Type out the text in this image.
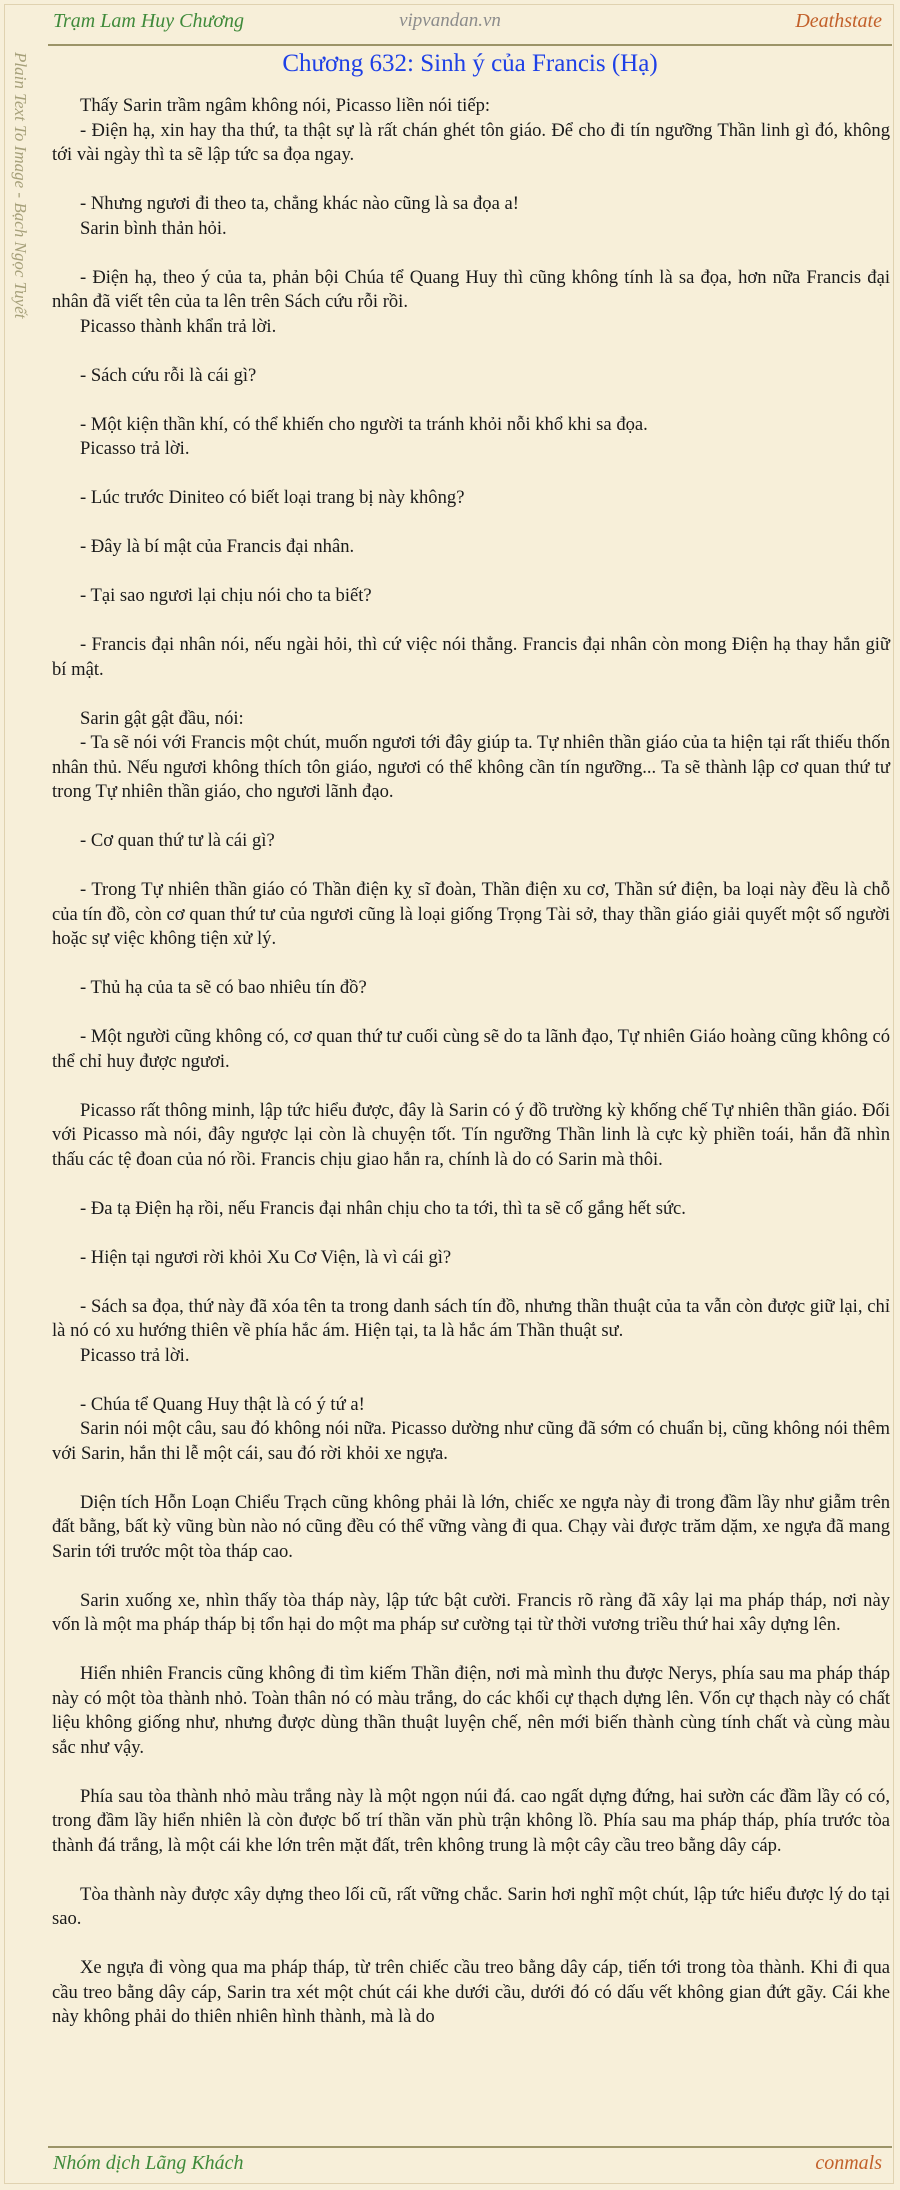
Trạm Lam Huy Chương	vipvandan.vn	Deathstate
Plain Text To Image - Bạch Ngọc Tuyết	Chương 632: Sinh ý của Francis (Hạ)

Thấy Sarin trầm ngâm không nói, Picasso liền nói tiếp:

- Điện hạ, xin hay tha thứ, ta thật sự là rất chán ghét tôn giáo. Để cho đi tín ngưỡng Thần linh gì đó, không tới vài ngày thì ta sẽ lập tức sa đọa ngay.

- Nhưng ngươi đi theo ta, chẳng khác nào cũng là sa đọa a!

Sarin bình thản hỏi.

- Điện hạ, theo ý của ta, phản bội Chúa tể Quang Huy thì cũng không tính là sa đọa, hơn nữa Francis đại nhân đã viết tên của ta lên trên Sách cứu rỗi rồi.

Picasso thành khẩn trả lời.

- Sách cứu rỗi là cái gì?

- Một kiện thần khí, có thể khiến cho người ta tránh khỏi nỗi khổ khi sa đọa.

Picasso trả lời.

- Lúc trước Diniteo có biết loại trang bị này không?

- Đây là bí mật của Francis đại nhân.

- Tại sao ngươi lại chịu nói cho ta biết?

- Francis đại nhân nói, nếu ngài hỏi, thì cứ việc nói thẳng. Francis đại nhân còn mong Điện hạ thay hắn giữ bí mật.

Sarin gật gật đầu, nói:

- Ta sẽ nói với Francis một chút, muốn ngươi tới đây giúp ta. Tự nhiên thần giáo của ta hiện tại rất thiếu thốn nhân thủ. Nếu ngươi không thích tôn giáo, ngươi có thể không cần tín ngưỡng... Ta sẽ thành lập cơ quan thứ tư trong Tự nhiên thần giáo, cho ngươi lãnh đạo.

- Cơ quan thứ tư là cái gì?

- Trong Tự nhiên thần giáo có Thần điện kỵ sĩ đoàn, Thần điện xu cơ, Thần sứ điện, ba loại này đều là chỗ của tín đồ, còn cơ quan thứ tư của ngươi cũng là loại giống Trọng Tài sở, thay thần giáo giải quyết một số người hoặc sự việc không tiện xử lý.

- Thủ hạ của ta sẽ có bao nhiêu tín đồ?

- Một người cũng không có, cơ quan thứ tư cuối cùng sẽ do ta lãnh đạo, Tự nhiên Giáo hoàng cũng không có thể chỉ huy được ngươi.

Picasso rất thông minh, lập tức hiểu được, đây là Sarin có ý đồ trường kỳ khống chế Tự nhiên thần giáo. Đối với Picasso mà nói, đây ngược lại còn là chuyện tốt. Tín ngưỡng Thần linh là cực kỳ phiền toái, hắn đã nhìn thấu các tệ đoan của nó rồi. Francis chịu giao hắn ra, chính là do có Sarin mà thôi.

- Đa tạ Điện hạ rồi, nếu Francis đại nhân chịu cho ta tới, thì ta sẽ cố gắng hết sức.

- Hiện tại ngươi rời khỏi Xu Cơ Viện, là vì cái gì?

- Sách sa đọa, thứ này đã xóa tên ta trong danh sách tín đồ, nhưng thần thuật của ta vẫn còn được giữ lại, chỉ là nó có xu hướng thiên về phía hắc ám. Hiện tại, ta là hắc ám Thần thuật sư.

Picasso trả lời.

- Chúa tể Quang Huy thật là có ý tứ a!

Sarin nói một câu, sau đó không nói nữa. Picasso dường như cũng đã sớm có chuẩn bị, cũng không nói thêm với Sarin, hắn thi lễ một cái, sau đó rời khỏi xe ngựa.

Diện tích Hỗn Loạn Chiểu Trạch cũng không phải là lớn, chiếc xe ngựa này đi trong đầm lầy như giẫm trên đất bằng, bất kỳ vũng bùn nào nó cũng đều có thể vững vàng đi qua. Chạy vài được trăm dặm, xe ngựa đã mang Sarin tới trước một tòa tháp cao.

Sarin xuống xe, nhìn thấy tòa tháp này, lập tức bật cười. Francis rõ ràng đã xây lại ma pháp tháp, nơi này vốn là một ma pháp tháp bị tổn hại do một ma pháp sư cường tại từ thời vương triều thứ hai xây dựng lên.

Hiển nhiên Francis cũng không đi tìm kiếm Thần điện, nơi mà mình thu được Nerys, phía sau ma pháp tháp này có một tòa thành nhỏ. Toàn thân nó có màu trắng, do các khối cự thạch dựng lên. Vốn cự thạch này có chất liệu không giống như, nhưng được dùng thần thuật luyện chế, nên mới biến thành cùng tính chất và cùng màu sắc như vậy.

Phía sau tòa thành nhỏ màu trắng này là một ngọn núi đá. cao ngất dựng đứng, hai sườn các đầm lầy có có, trong đầm lầy hiển nhiên là còn được bố trí thần văn phù trận không lồ. Phía sau ma pháp tháp, phía trước tòa thành đá trắng, là một cái khe lớn trên mặt đất, trên không trung là một cây cầu treo bằng dây cáp.

Tòa thành này được xây dựng theo lối cũ, rất vững chắc. Sarin hơi nghĩ một chút, lập tức hiểu được lý do tại sao.

Xe ngựa đi vòng qua ma pháp tháp, từ trên chiếc cầu treo bằng dây cáp, tiến tới trong tòa thành. Khi đi qua cầu treo bằng dây cáp, Sarin tra xét một chút cái khe dưới cầu, dưới đó có dấu vết không gian đứt gãy. Cái khe này không phải do thiên nhiên hình thành, mà là do

Nhóm dịch Lãng Khách	conmals
